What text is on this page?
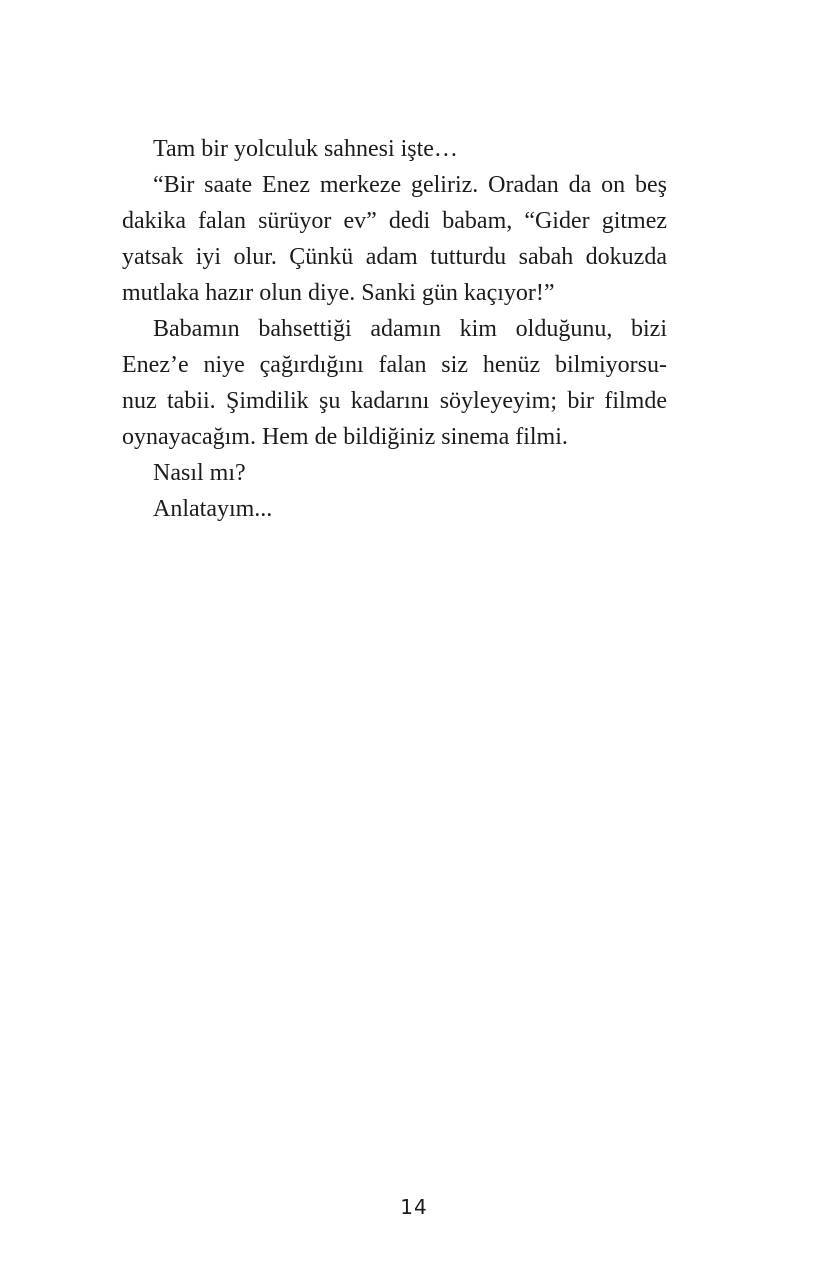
Tam bir yolculuk sahnesi işte…
“Bir saate Enez merkeze geliriz. Oradan da on beş
dakika falan sürüyor ev” dedi babam, “Gider gitmez
yatsak iyi olur. Çünkü adam tutturdu sabah dokuzda
mutlaka hazır olun diye. Sanki gün kaçıyor!”
Babamın bahsettiği adamın kim olduğunu, bizi
Enez’e niye çağırdığını falan siz henüz bilmiyorsu-
nuz tabii. Şimdilik şu kadarını söyleyeyim; bir filmde
oynayacağım. Hem de bildiğiniz sinema filmi.
Nasıl mı?
Anlatayım...
14
